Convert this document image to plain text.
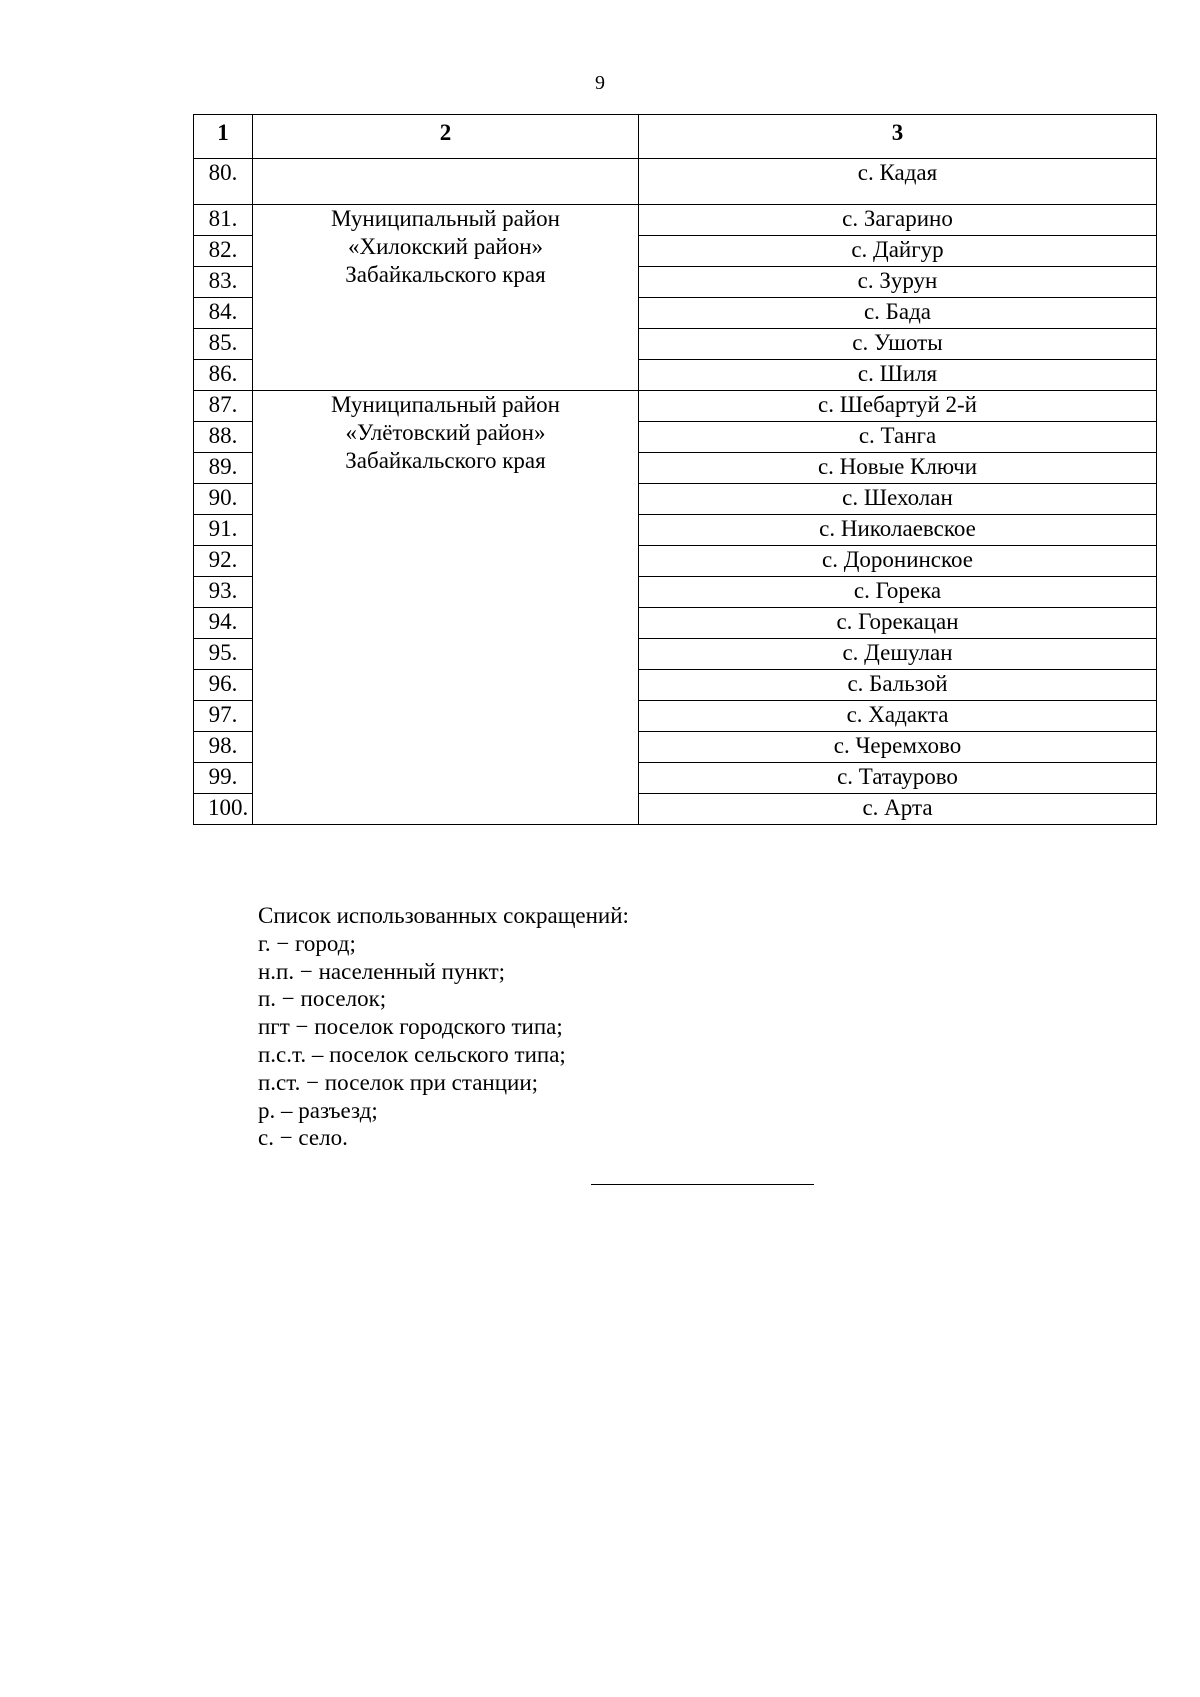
9
1	2	3
80.		с. Кадая
81.	Муниципальный район
«Хилокский район»
Забайкальского края	с. Загарино
82.		с. Дайгур
83.		с. Зурун
84.		с. Бада
85.		с. Ушоты
86.		с. Шиля
87.	Муниципальный район
«Улётовский район»
Забайкальского края	с. Шебартуй 2-й
88.		с. Танга
89.		с. Новые Ключи
90.		с. Шехолан
91.		с. Николаевское
92.		с. Доронинское
93.		с. Горека
94.		с. Горекацан
95.		с. Дешулан
96.		с. Бальзой
97.		с. Хадакта
98.		с. Черемхово
99.		с. Татаурово
100.		с. Арта
Список использованных сокращений:
г. − город;
н.п. − населенный пункт;
п. − поселок;
пгт − поселок городского типа;
п.с.т. – поселок сельского типа;
п.ст. − поселок при станции;
р. – разъезд;
с. − село.
